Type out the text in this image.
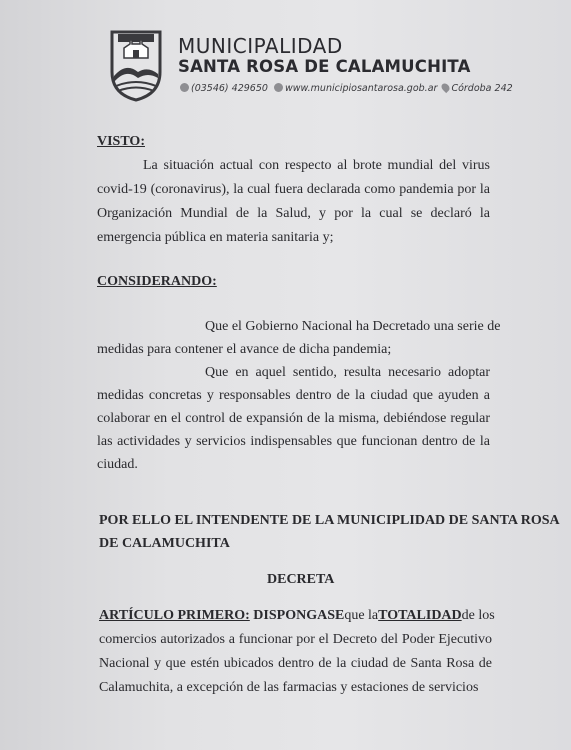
MUNICIPALIDAD
SANTA ROSA DE CALAMUCHITA
(03546) 429650 www.municipiosantarosa.gob.ar Córdoba 242
VISTO:
La situación actual con respecto al brote mundial del virus
covid-19 (coronavirus), la cual fuera declarada como pandemia por la
Organización Mundial de la Salud, y por la cual se declaró la
emergencia pública en materia sanitaria y;
CONSIDERANDO:
Que el Gobierno Nacional ha Decretado una serie de
medidas para contener el avance de dicha pandemia;
Que en aquel sentido, resulta necesario adoptar
medidas concretas y responsables dentro de la ciudad que ayuden a
colaborar en el control de expansión de la misma, debiéndose regular
las actividades y servicios indispensables que funcionan dentro de la
ciudad.
POR ELLO EL INTENDENTE DE LA MUNICIPLIDAD DE SANTA ROSA
DE CALAMUCHITA
DECRETA
ARTÍCULO PRIMERO: DISPONGASE que la TOTALIDAD de los
comercios autorizados a funcionar por el Decreto del Poder Ejecutivo
Nacional y que estén ubicados dentro de la ciudad de Santa Rosa de
Calamuchita, a excepción de las farmacias y estaciones de servicios
